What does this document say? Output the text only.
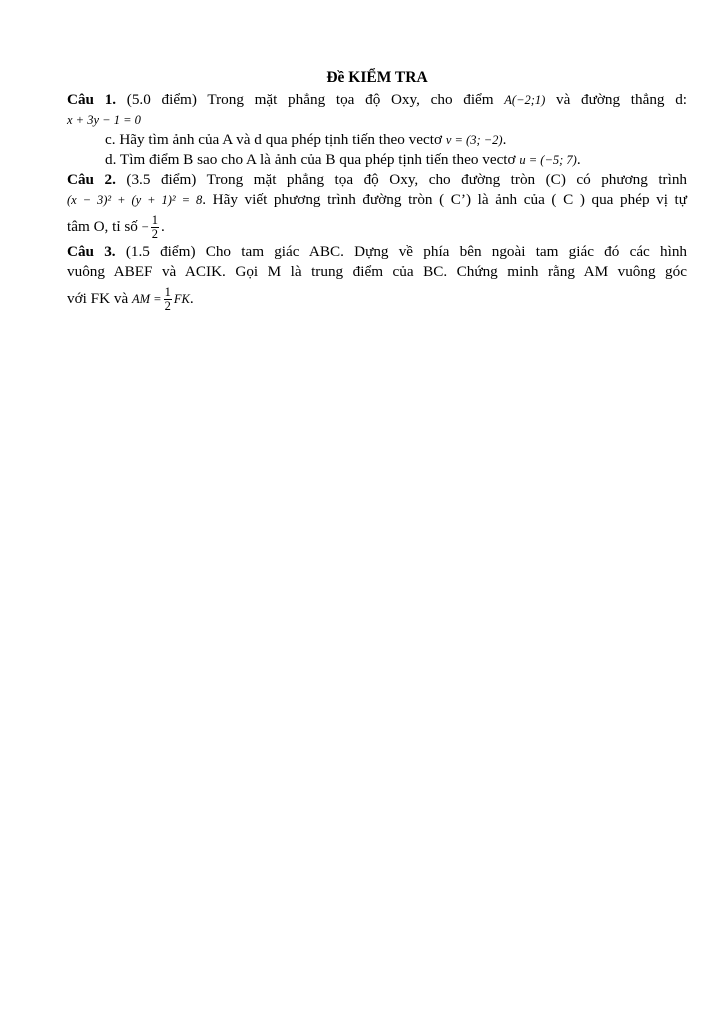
Đề KIỂM TRA
Câu 1. (5.0 điểm) Trong mặt phẳng tọa độ Oxy, cho điểm A(−2;1) và đường thẳng d:
x + 3y − 1 = 0
c. Hãy tìm ảnh của A và d qua phép tịnh tiến theo vectơ v = (3; −2).
d. Tìm điểm B sao cho A là ảnh của B qua phép tịnh tiến theo vectơ u = (−5; 7).
Câu 2. (3.5 điểm) Trong mặt phẳng tọa độ Oxy, cho đường tròn (C) có phương trình
(x − 3)² + (y + 1)² = 8. Hãy viết phương trình đường tròn ( C’) là ảnh của ( C ) qua phép vị tự
tâm O, tỉ số − $\frac{1}{2}$ .
Câu 3. (1.5 điểm) Cho tam giác ABC. Dựng về phía bên ngoài tam giác đó các hình
vuông ABEF và ACIK. Gọi M là trung điểm của BC. Chứng minh rằng AM vuông góc
với FK và AM = $\frac{1}{2}$ FK.
